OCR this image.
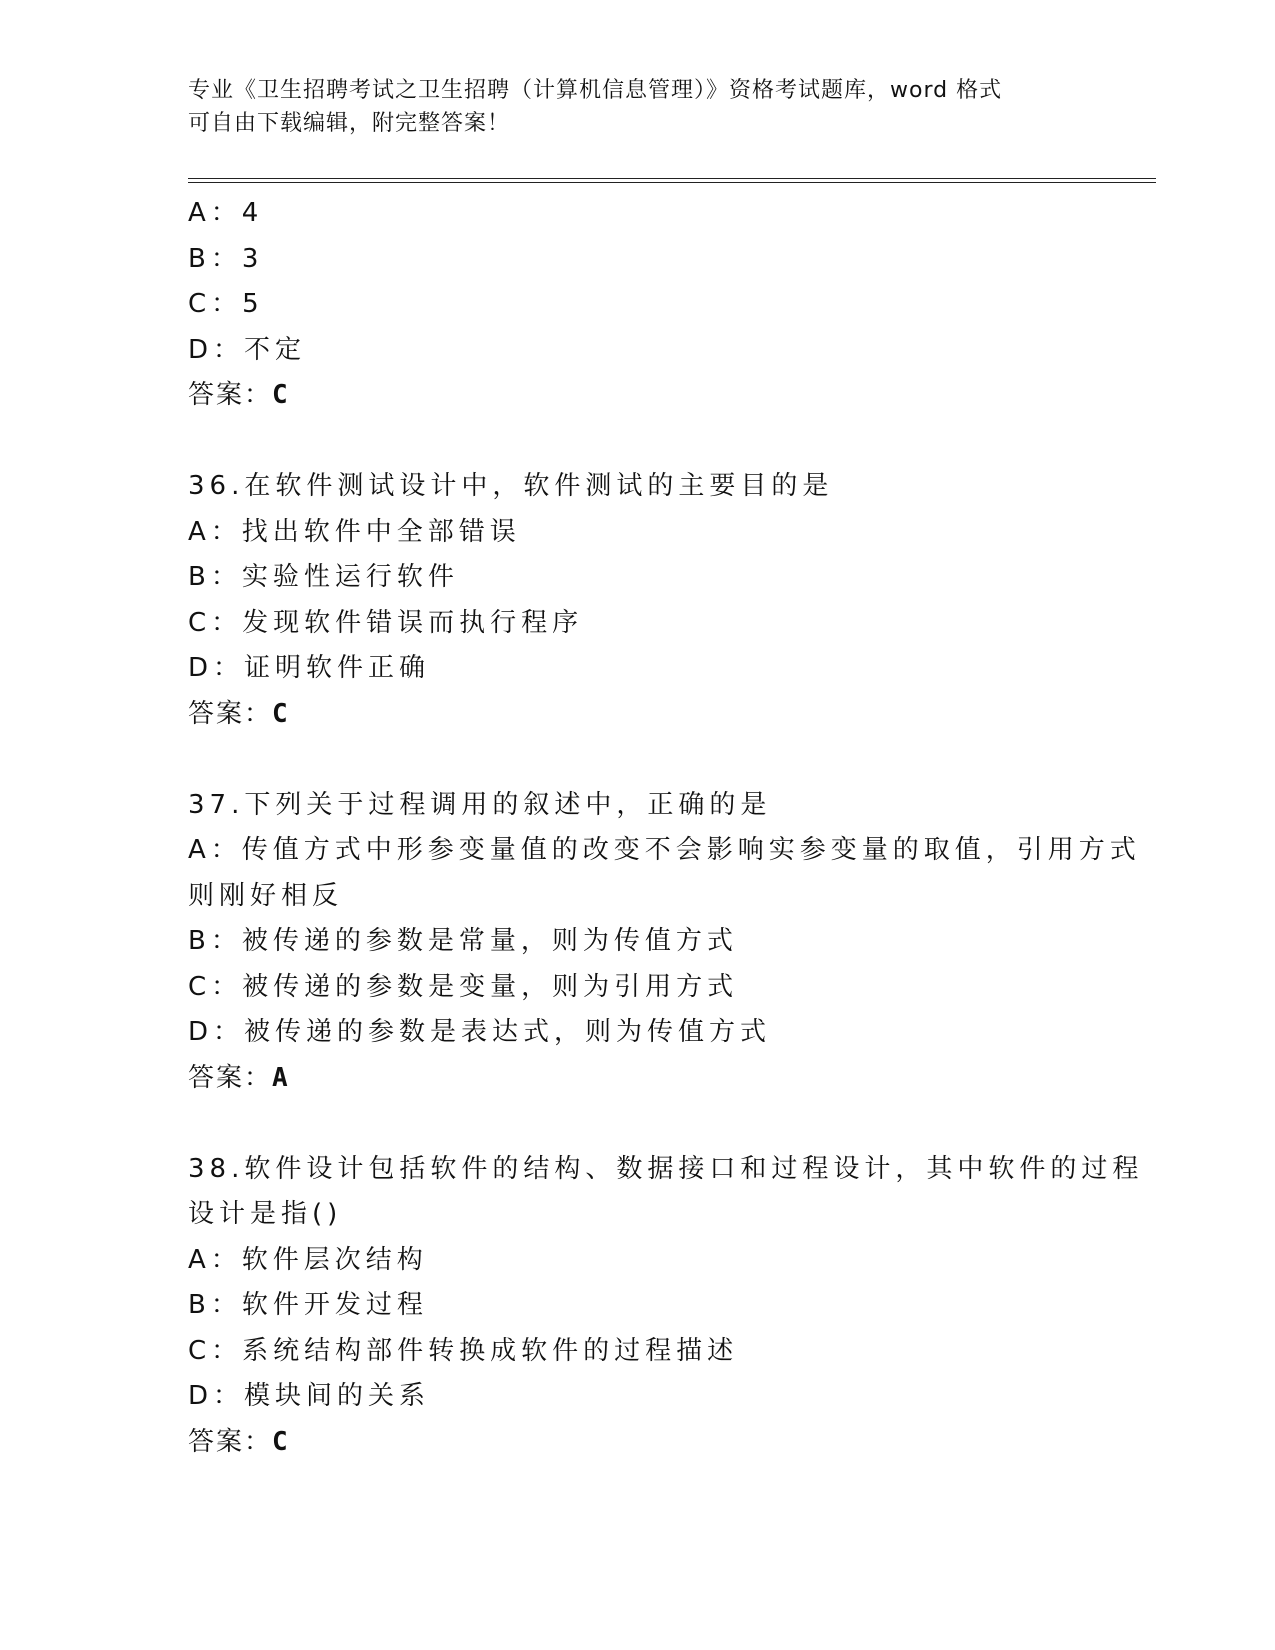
专业《卫生招聘考试之卫生招聘（计算机信息管理）》资格考试题库，word 格式
可自由下载编辑，附完整答案！
A：4
B：3
C：5
D：不定
答案：C
36.在软件测试设计中，软件测试的主要目的是
A：找出软件中全部错误
B：实验性运行软件
C：发现软件错误而执行程序
D：证明软件正确
答案：C
37.下列关于过程调用的叙述中，正确的是
A：传值方式中形参变量值的改变不会影响实参变量的取值，引用方式
则刚好相反
B：被传递的参数是常量，则为传值方式
C：被传递的参数是变量，则为引用方式
D：被传递的参数是表达式，则为传值方式
答案：A
38.软件设计包括软件的结构、数据接口和过程设计，其中软件的过程
设计是指()
A：软件层次结构
B：软件开发过程
C：系统结构部件转换成软件的过程描述
D：模块间的关系
答案：C
